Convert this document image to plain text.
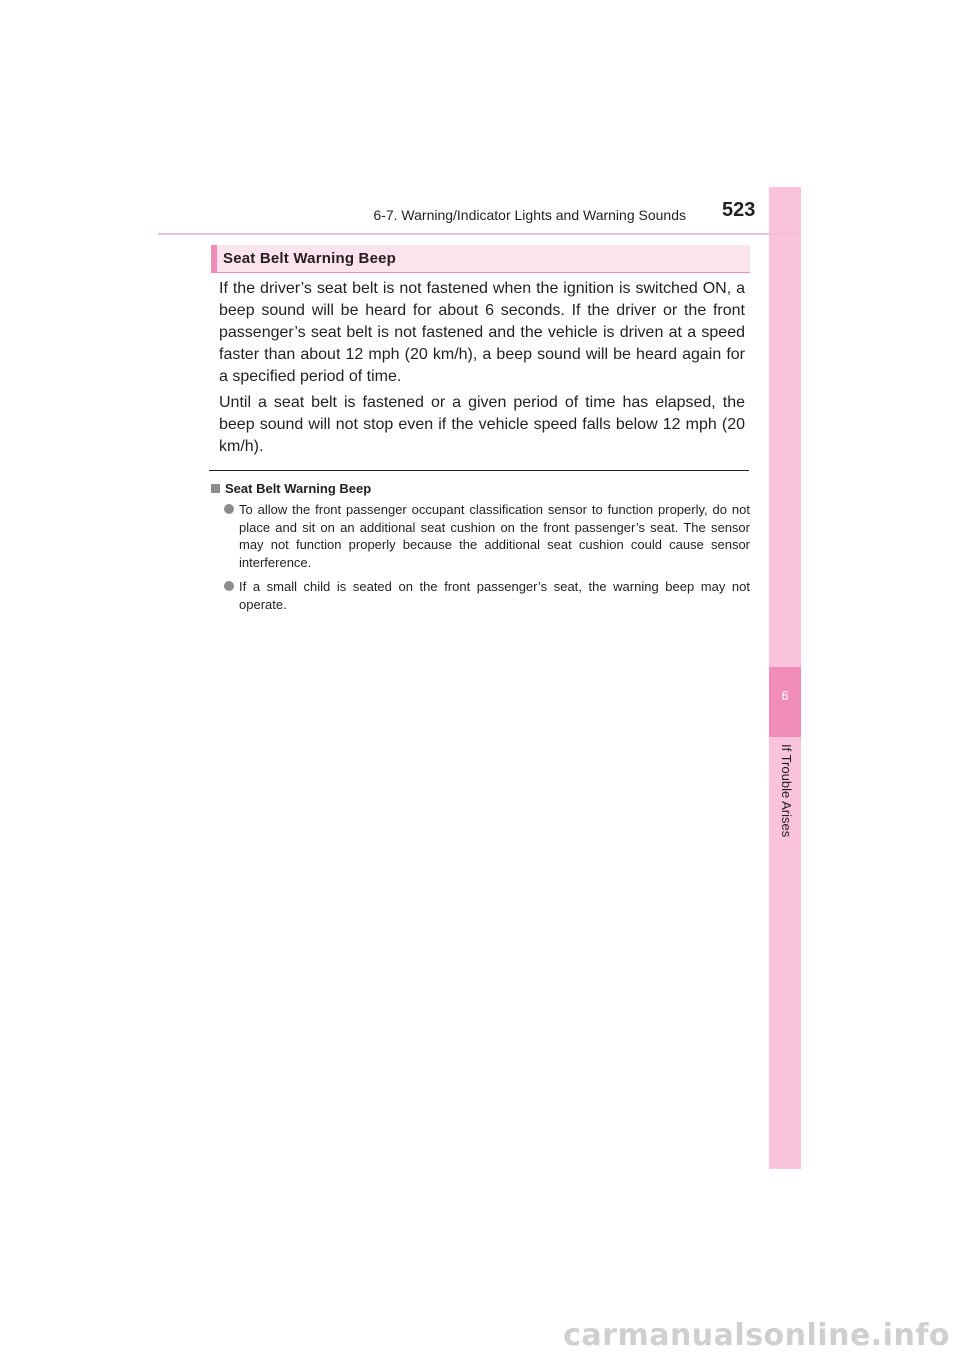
6
If Trouble Arises
6-7. Warning/Indicator Lights and Warning Sounds 523
Seat Belt Warning Beep

If the driver’s seat belt is not fastened when the ignition is switched ON, a beep sound will be heard for about 6 seconds. If the driver or the front passenger’s seat belt is not fastened and the vehicle is driven at a speed faster than about 12 mph (20 km/h), a beep sound will be heard again for a specified period of time.

Until a seat belt is fastened or a given period of time has elapsed, the beep sound will not stop even if the vehicle speed falls below 12 mph (20 km/h).

Seat Belt Warning Beep
To allow the front passenger occupant classification sensor to function properly, do not place and sit on an additional seat cushion on the front passenger’s seat. The sensor may not function properly because the additional seat cushion could cause sensor interference.
If a small child is seated on the front passenger’s seat, the warning beep may not operate.
carmanualsonline.info
